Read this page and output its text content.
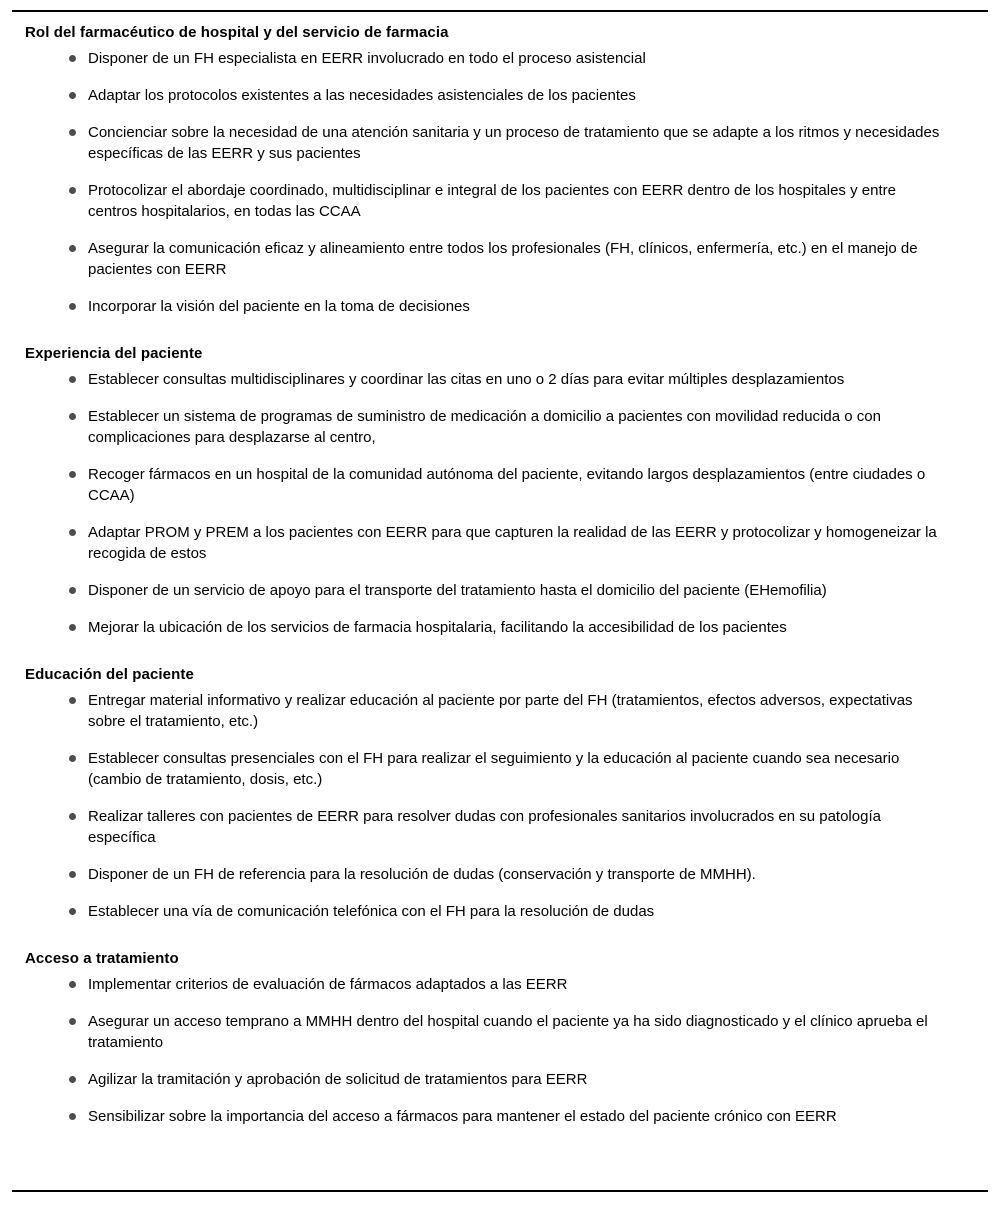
Rol del farmacéutico de hospital y del servicio de farmacia
Disponer de un FH especialista en EERR involucrado en todo el proceso asistencial
Adaptar los protocolos existentes a las necesidades asistenciales de los pacientes
Concienciar sobre la necesidad de una atención sanitaria y un proceso de tratamiento que se adapte a los ritmos y necesidades específicas de las EERR y sus pacientes
Protocolizar el abordaje coordinado, multidisciplinar e integral de los pacientes con EERR dentro de los hospitales y entre centros hospitalarios, en todas las CCAA
Asegurar la comunicación eficaz y alineamiento entre todos los profesionales (FH, clínicos, enfermería, etc.) en el manejo de pacientes con EERR
Incorporar la visión del paciente en la toma de decisiones
Experiencia del paciente
Establecer consultas multidisciplinares y coordinar las citas en uno o 2 días para evitar múltiples desplazamientos
Establecer un sistema de programas de suministro de medicación a domicilio a pacientes con movilidad reducida o con complicaciones para desplazarse al centro,
Recoger fármacos en un hospital de la comunidad autónoma del paciente, evitando largos desplazamientos (entre ciudades o CCAA)
Adaptar PROM y PREM a los pacientes con EERR para que capturen la realidad de las EERR y protocolizar y homogeneizar la recogida de estos
Disponer de un servicio de apoyo para el transporte del tratamiento hasta el domicilio del paciente (EHemofilia)
Mejorar la ubicación de los servicios de farmacia hospitalaria, facilitando la accesibilidad de los pacientes
Educación del paciente
Entregar material informativo y realizar educación al paciente por parte del FH (tratamientos, efectos adversos, expectativas sobre el tratamiento, etc.)
Establecer consultas presenciales con el FH para realizar el seguimiento y la educación al paciente cuando sea necesario (cambio de tratamiento, dosis, etc.)
Realizar talleres con pacientes de EERR para resolver dudas con profesionales sanitarios involucrados en su patología específica
Disponer de un FH de referencia para la resolución de dudas (conservación y transporte de MMHH).
Establecer una vía de comunicación telefónica con el FH para la resolución de dudas
Acceso a tratamiento
Implementar criterios de evaluación de fármacos adaptados a las EERR
Asegurar un acceso temprano a MMHH dentro del hospital cuando el paciente ya ha sido diagnosticado y el clínico aprueba el tratamiento
Agilizar la tramitación y aprobación de solicitud de tratamientos para EERR
Sensibilizar sobre la importancia del acceso a fármacos para mantener el estado del paciente crónico con EERR
